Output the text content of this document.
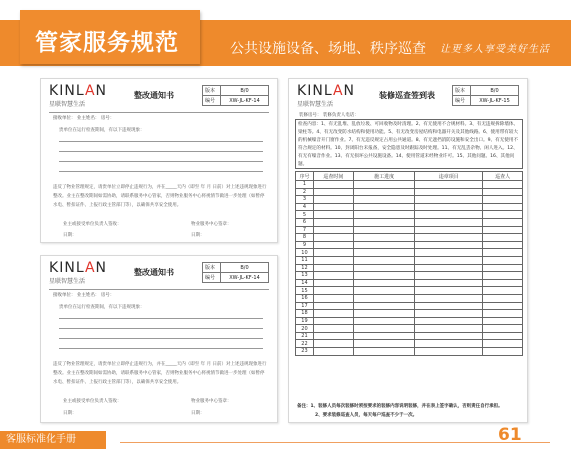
管家服务规范	公共设施设备、场地、秩序巡查 让更多人享受美好生活
KINLAN
星联智慧生活
整改通知书	版本	B/0
编号	XW-JL-KF-14
接收单位： 业主姓名： 房号：
贵单位在运行检查期间，有以下违规现象：
违反了物业管理规定，请贵单位立即停止违规行为，并在_____天内（即至 年 月 日前）对上述违规现象进行整改。业主在整改期间如需协助，请联系服务中心管家，否则物业服务中心将视情节做进一步处理（如暂停水电、暂扣证件、上报行政主管部门等），以确保共享安全使用。
业主或接受单位负责人签收：	物业服务中心签章：
日期：	日期：
KINLAN
星联智慧生活
整改通知书	版本	B/0
编号	XW-JL-KF-14
接收单位： 业主姓名： 房号：
贵单位在运行检查期间，有以下违规现象：
违反了物业管理规定，请贵单位立即停止违规行为，并在_____天内（即至 年 月 日前）对上述违规现象进行整改。业主在整改期间如需协助，请联系服务中心管家，否则物业服务中心将视情节做进一步处理（如暂停水电、暂扣证件、上报行政主管部门等），以确保共享安全使用。
业主或接受单位负责人签收：	物业服务中心签章：
日期：	日期：
KINLAN
星联智慧生活
装修巡查签到表	版本	B/0
编号	XW-JL-KF-15
装修房号： 装修负责人电话：
检查内容：1、有无乱堆、乱放垃圾、可回收物及时清理。2、有无使用不合规材料。3、有无违规拆除墙体、梁柱等。4、有无改变防水结构和使用功能。5、有无改变房屋结构和电器开关及其他线路。6、使用带有较大的机械噪音开门窗作业。7、有无违反规定占用公共通道。8、有无遮挡消防设施和安全出口。9、有无使用不符合规定的材料。10、封闭阳台未报备，安全隐患及时跟踪及时处理。11、有无乱丢杂物、闲人进入。12、有无有噪音作业。13、有无损坏公共设施设备。14、使用管道未经物业许可。15、其他问题。16、其他问题。
序号	巡查时间	施工进度	违章项目	巡查人
1				
2				
3				
4				
5				
6				
7				
8				
9				
10				
11				
12				
13				
14				
15				
16				
17				
18				
19				
20				
21				
22				
23				
备注：1、装修人员每次装修时须按要求的装修内容说明装修，并在表上签字确认，否则责任自行承担。
2、要求装修巡查人员，每天每户巡查不少于一次。
客服标准化手册	61
